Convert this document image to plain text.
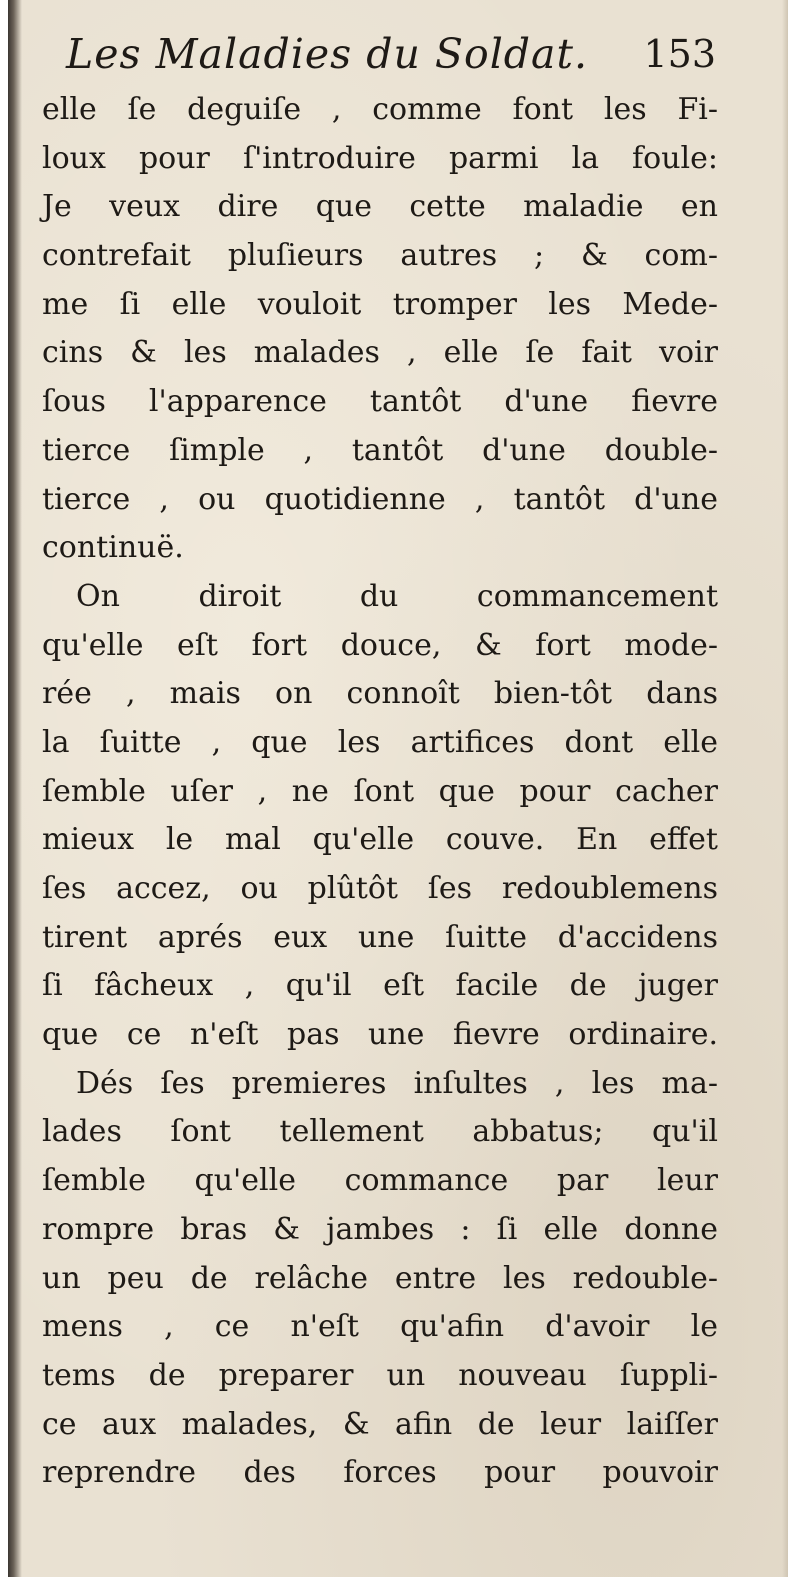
Les Maladies du Soldat. 153
elle ſe deguiſe , comme font les Fi-
loux pour ſ'introduire parmi la foule:
Je veux dire que cette maladie en
contrefait pluſieurs autres ; & com-
me ſi elle vouloit tromper les Mede-
cins & les malades , elle ſe fait voir
ſous l'apparence tantôt d'une fievre
tierce ſimple , tantôt d'une double-
tierce , ou quotidienne , tantôt d'une
continuë.
On diroit du commancement
qu'elle eſt fort douce, & fort mode-
rée , mais on connoît bien-tôt dans
la ſuitte , que les artifices dont elle
ſemble uſer , ne ſont que pour cacher
mieux le mal qu'elle couve. En effet
ſes accez, ou plûtôt ſes redoublemens
tirent aprés eux une ſuitte d'accidens
ſi fâcheux , qu'il eſt facile de juger
que ce n'eſt pas une fievre ordinaire.
Dés ſes premieres inſultes , les ma-
lades ſont tellement abbatus; qu'il
ſemble qu'elle commance par leur
rompre bras & jambes : ſi elle donne
un peu de relâche entre les redouble-
mens , ce n'eſt qu'afin d'avoir le
tems de preparer un nouveau ſuppli-
ce aux malades, & afin de leur laiſſer
reprendre des forces pour pouvoir
